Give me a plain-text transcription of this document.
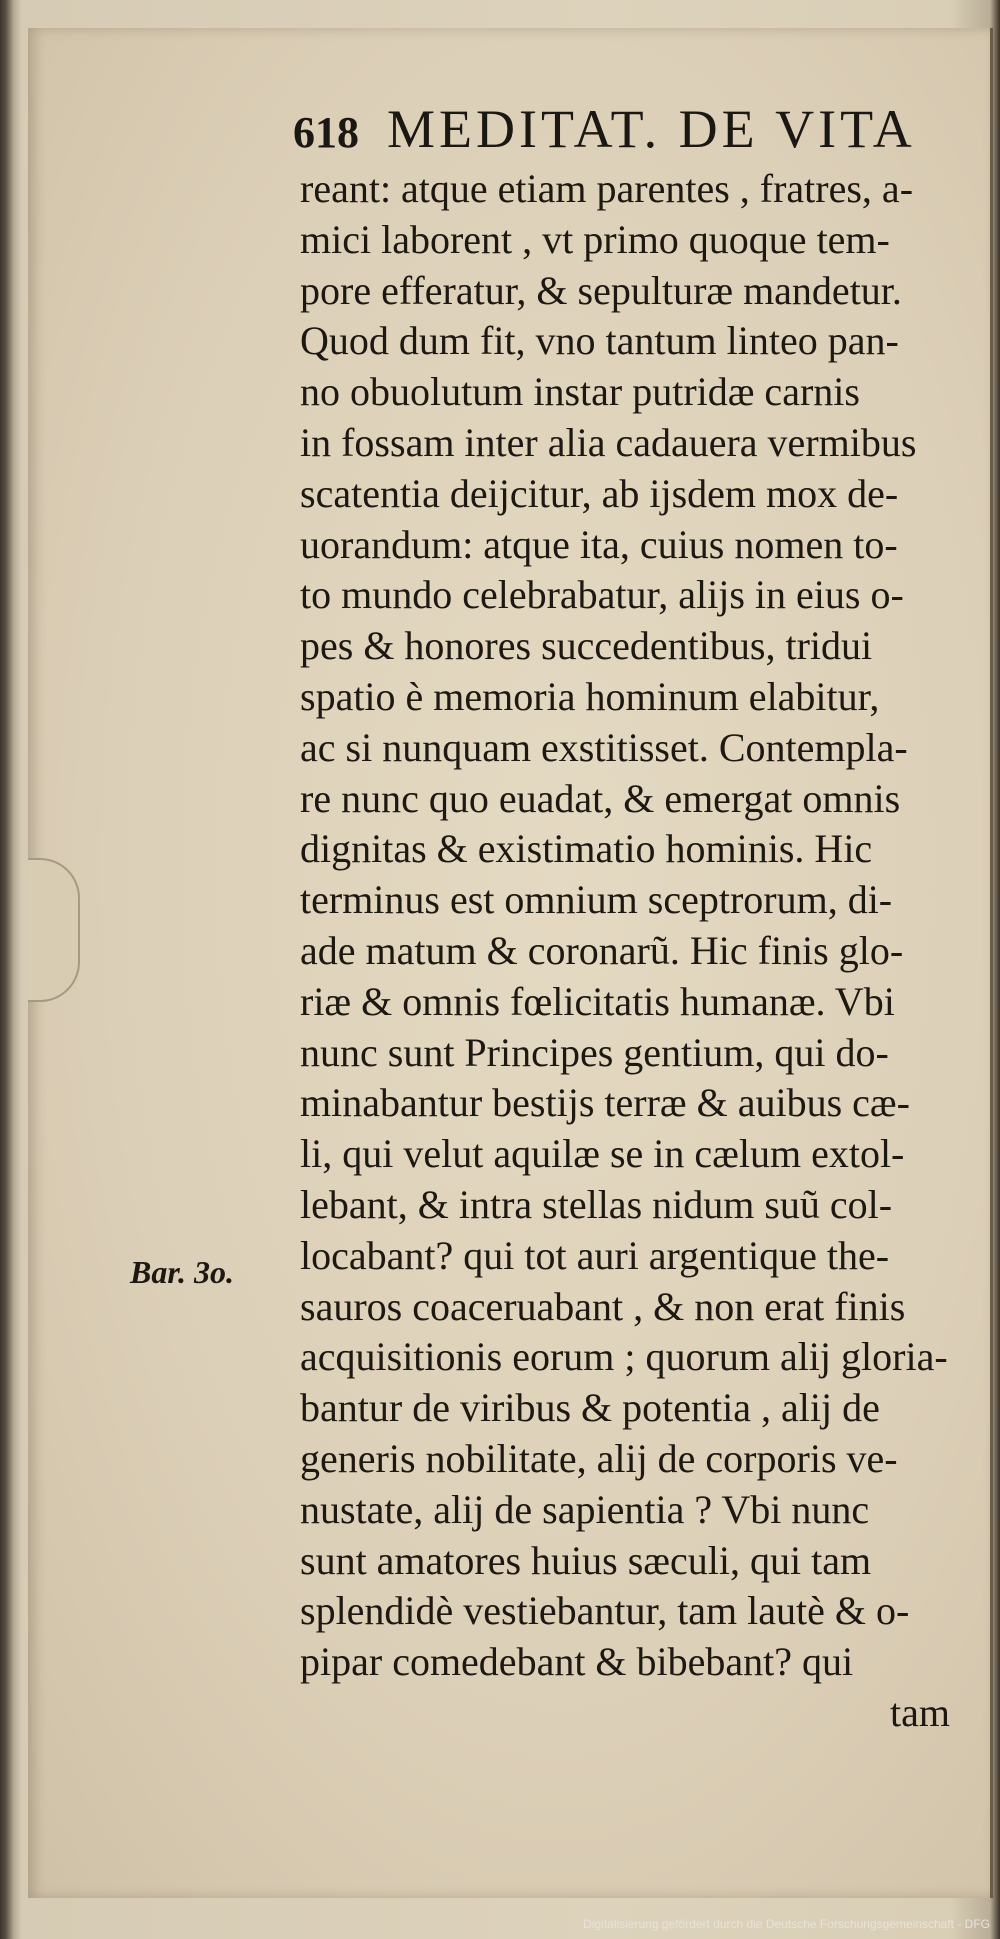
618 MEDITAT. DE VITA
reant: atque etiam parentes , fratres, a-
mici laborent , vt primo quoque tem-
pore efferatur, & sepulturæ mandetur.
Quod dum fit, vno tantum linteo pan-
no obuolutum instar putridæ carnis
in fossam inter alia cadauera vermibus
scatentia deijcitur, ab ijsdem mox de-
uorandum: atque ita, cuius nomen to-
to mundo celebrabatur, alijs in eius o-
pes & honores succedentibus, tridui
spatio è memoria hominum elabitur,
ac si nunquam exstitisset. Contempla-
re nunc quo euadat, & emergat omnis
dignitas & existimatio hominis. Hic
terminus est omnium sceptrorum, di-
ade matum & coronarũ. Hic finis glo-
riæ & omnis fœlicitatis humanæ. Vbi
nunc sunt Principes gentium, qui do-
minabantur bestijs terræ & auibus cæ-
li, qui velut aquilæ se in cælum extol-
lebant, & intra stellas nidum suũ col-
locabant? qui tot auri argentique the-
sauros coaceruabant , & non erat finis
acquisitionis eorum ; quorum alij gloria-
bantur de viribus & potentia , alij de
generis nobilitate, alij de corporis ve-
nustate, alij de sapientia ? Vbi nunc
sunt amatores huius sæculi, qui tam
splendidè vestiebantur, tam lautè & o-
pipar comedebant & bibebant? qui
tam
Bar. 3o.
Digitalisierung gefördert durch die Deutsche Forschungsgemeinschaft - DFG
